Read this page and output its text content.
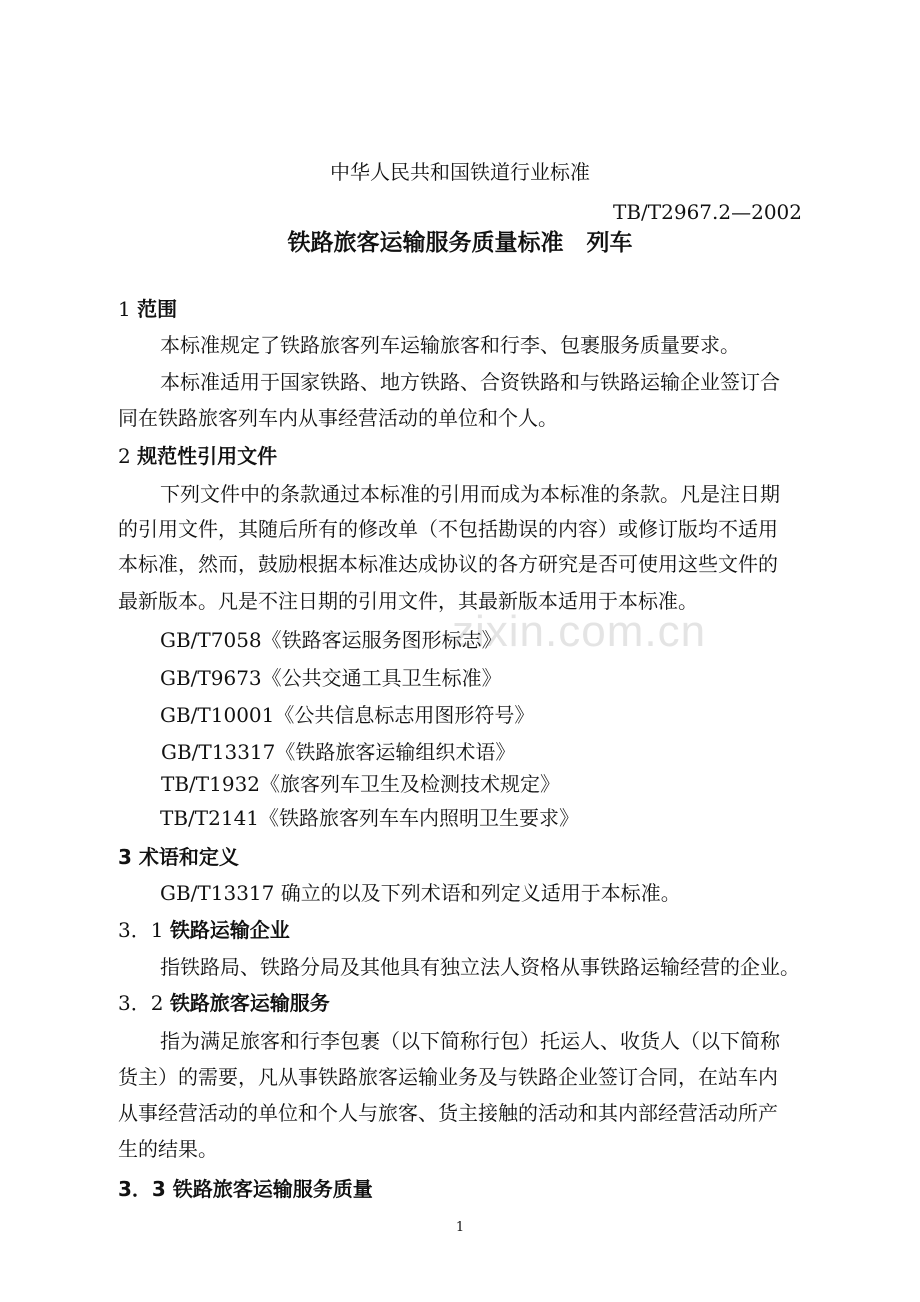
zixin.com.cn
中华人民共和国铁道行业标准
TB/T2967.2—2002
铁路旅客运输服务质量标准　列车
1 范围
本标准规定了铁路旅客列车运输旅客和行李、包裹服务质量要求。
本标准适用于国家铁路、地方铁路、合资铁路和与铁路运输企业签订合
同在铁路旅客列车内从事经营活动的单位和个人。
2 规范性引用文件
下列文件中的条款通过本标准的引用而成为本标准的条款。凡是注日期
的引用文件，其随后所有的修改单（不包括勘误的内容）或修订版均不适用
本标准，然而，鼓励根据本标准达成协议的各方研究是否可使用这些文件的
最新版本。凡是不注日期的引用文件，其最新版本适用于本标准。
GB/T7058《铁路客运服务图形标志》
GB/T9673《公共交通工具卫生标准》
GB/T10001《公共信息标志用图形符号》
GB/T13317《铁路旅客运输组织术语》
TB/T1932《旅客列车卫生及检测技术规定》
TB/T2141《铁路旅客列车车内照明卫生要求》
3 术语和定义
GB/T13317 确立的以及下列术语和列定义适用于本标准。
3．1 铁路运输企业
指铁路局、铁路分局及其他具有独立法人资格从事铁路运输经营的企业。
3．2 铁路旅客运输服务
指为满足旅客和行李包裹（以下简称行包）托运人、收货人（以下简称
货主）的需要，凡从事铁路旅客运输业务及与铁路企业签订合同，在站车内
从事经营活动的单位和个人与旅客、货主接触的活动和其内部经营活动所产
生的结果。
3．3 铁路旅客运输服务质量
1
